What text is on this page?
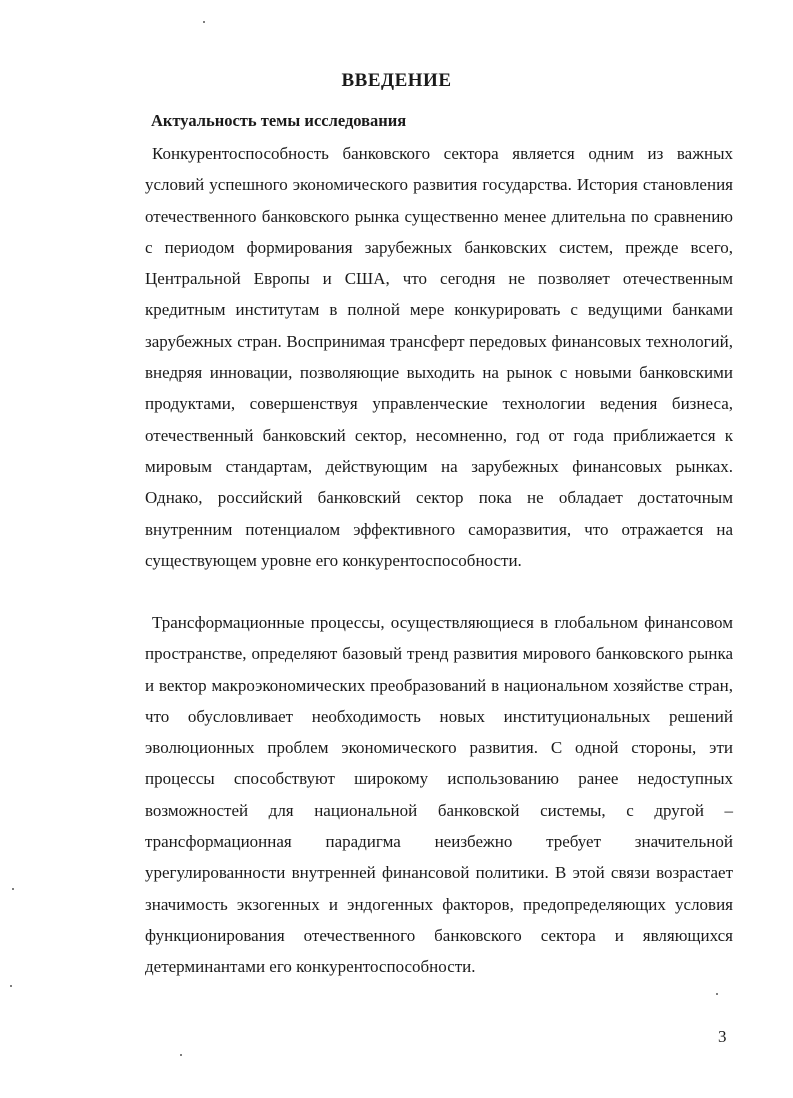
ВВЕДЕНИЕ
Актуальность темы исследования

Конкурентоспособность банковского сектора является одним из важных условий успешного экономического развития государства. История становления отечественного банковского рынка существенно менее длительна по сравнению с периодом формирования зарубежных банковских систем, прежде всего, Центральной Европы и США, что сегодня не позволяет отечественным кредитным институтам в полной мере конкурировать с ведущими банками зарубежных стран. Воспринимая трансферт передовых финансовых технологий, внедряя инновации, позволяющие выходить на рынок с новыми банковскими продуктами, совершенствуя управленческие технологии ведения бизнеса, отечественный банковский сектор, несомненно, год от года приближается к мировым стандартам, действующим на зарубежных финансовых рынках. Однако, российский банковский сектор пока не обладает достаточным внутренним потенциалом эффективного саморазвития, что отражается на существующем уровне его конкурентоспособности.

Трансформационные процессы, осуществляющиеся в глобальном финансовом пространстве, определяют базовый тренд развития мирового банковского рынка и вектор макроэкономических преобразований в национальном хозяйстве стран, что обусловливает необходимость новых институциональных решений эволюционных проблем экономического развития. С одной стороны, эти процессы способствуют широкому использованию ранее недоступных возможностей для национальной банковской системы, с другой – трансформационная парадигма неизбежно требует значительной урегулированности внутренней финансовой политики. В этой связи возрастает значимость экзогенных и эндогенных факторов, предопределяющих условия функционирования отечественного банковского сектора и являющихся детерминантами его конкурентоспособности.

3
